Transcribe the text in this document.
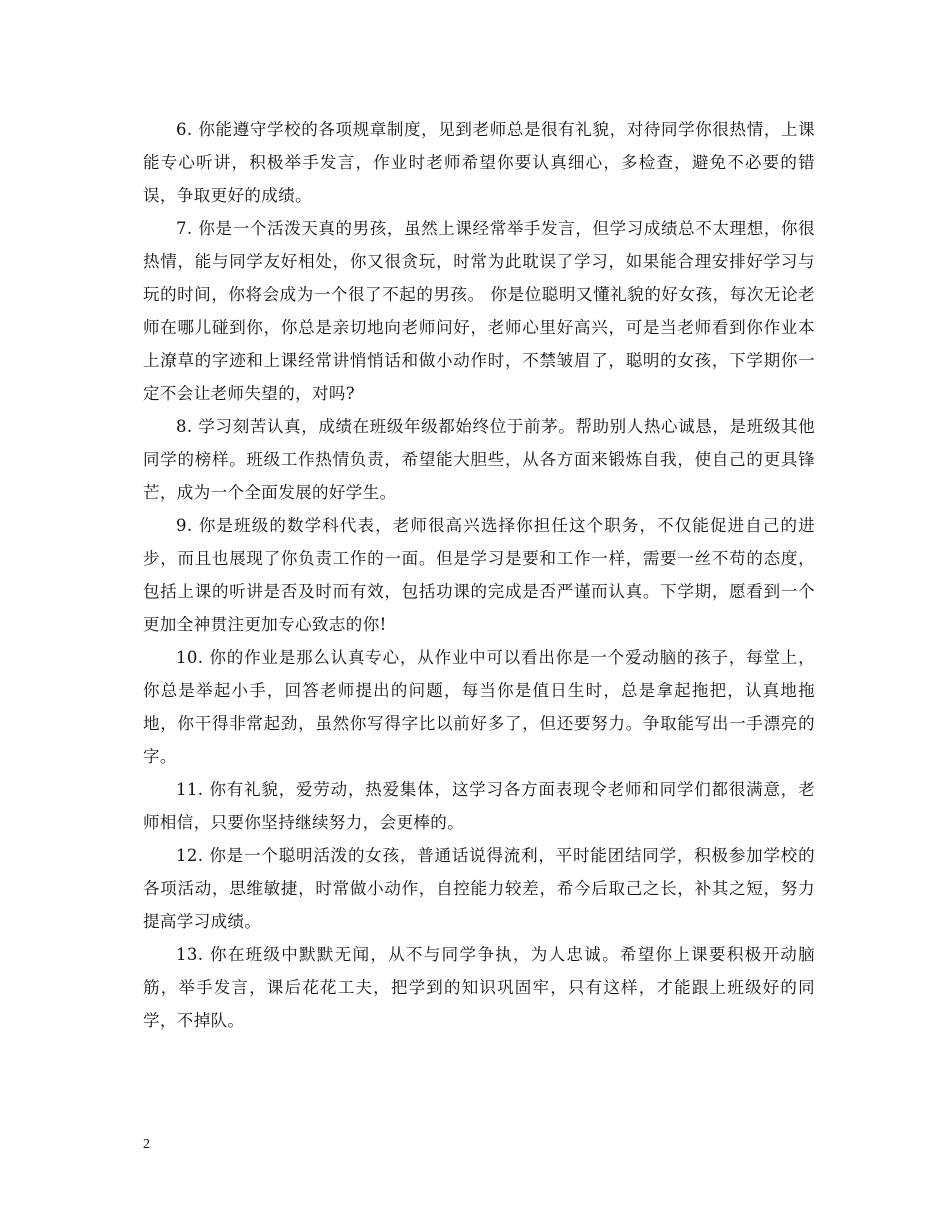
6. 你能遵守学校的各项规章制度，见到老师总是很有礼貌，对待同学你很热情，上课能专心听讲，积极举手发言，作业时老师希望你要认真细心，多检查，避免不必要的错误，争取更好的成绩。

7. 你是一个活泼天真的男孩，虽然上课经常举手发言，但学习成绩总不太理想，你很热情，能与同学友好相处，你又很贪玩，时常为此耽误了学习，如果能合理安排好学习与玩的时间，你将会成为一个很了不起的男孩。 你是位聪明又懂礼貌的好女孩，每次无论老师在哪儿碰到你，你总是亲切地向老师问好，老师心里好高兴，可是当老师看到你作业本上潦草的字迹和上课经常讲悄悄话和做小动作时，不禁皱眉了，聪明的女孩，下学期你一定不会让老师失望的，对吗?

8. 学习刻苦认真，成绩在班级年级都始终位于前茅。帮助别人热心诚恳，是班级其他同学的榜样。班级工作热情负责，希望能大胆些，从各方面来锻炼自我，使自己的更具锋芒，成为一个全面发展的好学生。

9. 你是班级的数学科代表，老师很高兴选择你担任这个职务，不仅能促进自己的进步，而且也展现了你负责工作的一面。但是学习是要和工作一样，需要一丝不苟的态度，包括上课的听讲是否及时而有效，包括功课的完成是否严谨而认真。下学期，愿看到一个更加全神贯注更加专心致志的你!

10. 你的作业是那么认真专心，从作业中可以看出你是一个爱动脑的孩子，每堂上，你总是举起小手，回答老师提出的问题，每当你是值日生时，总是拿起拖把，认真地拖地，你干得非常起劲，虽然你写得字比以前好多了，但还要努力。争取能写出一手漂亮的字。

11. 你有礼貌，爱劳动，热爱集体，这学习各方面表现令老师和同学们都很满意，老师相信，只要你坚持继续努力，会更棒的。

12. 你是一个聪明活泼的女孩，普通话说得流利，平时能团结同学，积极参加学校的各项活动，思维敏捷，时常做小动作，自控能力较差，希今后取己之长，补其之短，努力提高学习成绩。

13. 你在班级中默默无闻，从不与同学争执，为人忠诚。希望你上课要积极开动脑筋，举手发言，课后花花工夫，把学到的知识巩固牢，只有这样，才能跟上班级好的同学，不掉队。

2
